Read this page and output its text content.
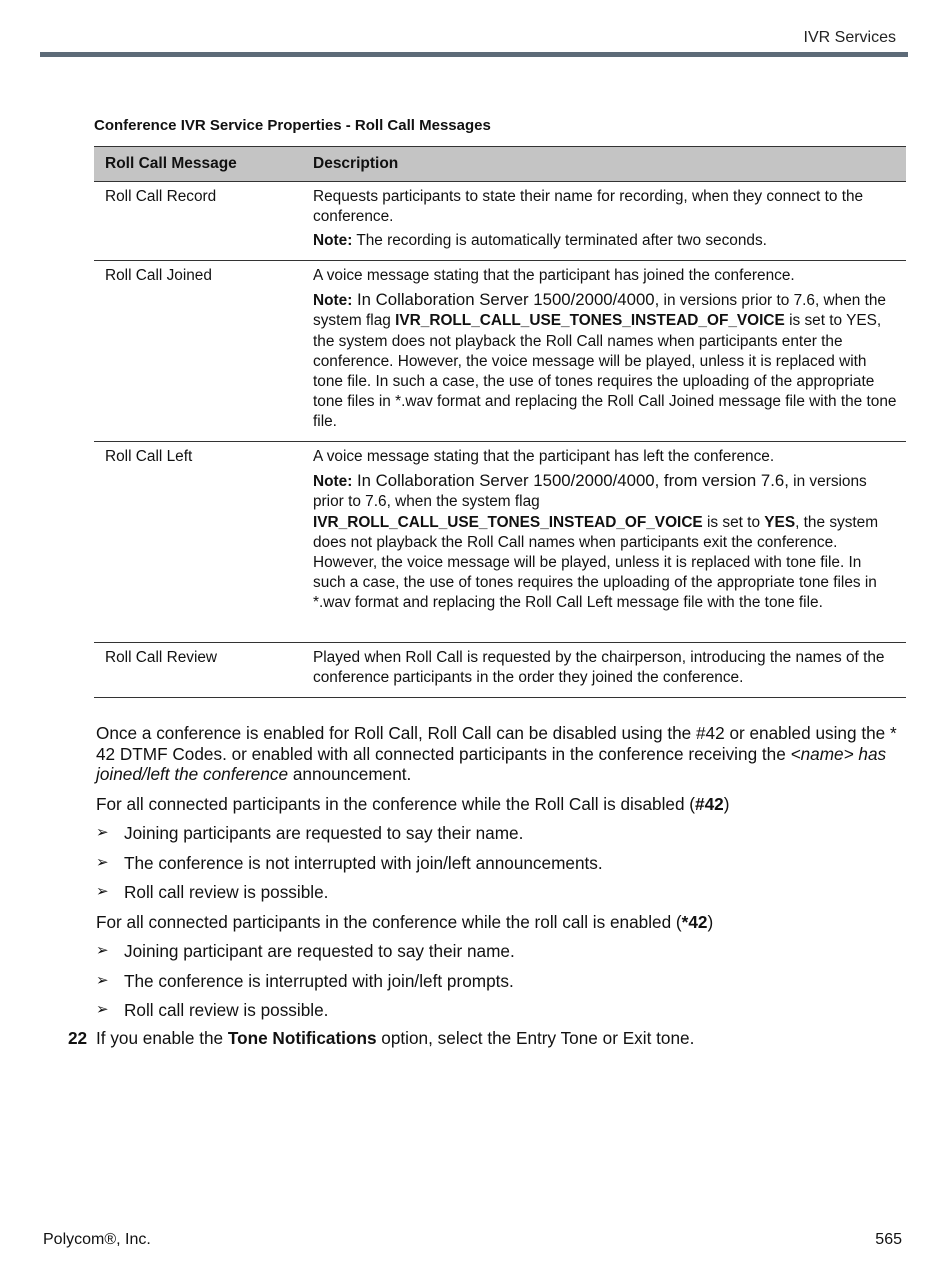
IVR Services
Conference IVR Service Properties - Roll Call Messages
Roll Call Message	Description
Roll Call Record	Requests participants to state their name for recording, when they connect to the conference.

Note: The recording is automatically terminated after two seconds.

Roll Call Joined	A voice message stating that the participant has joined the conference.

Note: In Collaboration Server 1500/2000/4000, in versions prior to 7.6, when the system flag IVR_ROLL_CALL_USE_TONES_INSTEAD_OF_VOICE is set to YES, the system does not playback the Roll Call names when participants enter the conference. However, the voice message will be played, unless it is replaced with tone file. In such a case, the use of tones requires the uploading of the appropriate tone files in *.wav format and replacing the Roll Call Joined message file with the tone file.

Roll Call Left	A voice message stating that the participant has left the conference.

Note: In Collaboration Server 1500/2000/4000, from version 7.6, in versions prior to 7.6, when the system flag IVR_ROLL_CALL_USE_TONES_INSTEAD_OF_VOICE is set to YES, the system does not playback the Roll Call names when participants exit the conference. However, the voice message will be played, unless it is replaced with tone file. In such a case, the use of tones requires the uploading of the appropriate tone files in *.wav format and replacing the Roll Call Left message file with the tone file.

Roll Call Review	Played when Roll Call is requested by the chairperson, introducing the names of the conference participants in the order they joined the conference.

Once a conference is enabled for Roll Call, Roll Call can be disabled using the #42 or enabled using the * 42 DTMF Codes. or enabled with all connected participants in the conference receiving the <name> has joined/left the conference announcement.

For all connected participants in the conference while the Roll Call is disabled (#42)

➢ Joining participants are requested to say their name.
➢ The conference is not interrupted with join/left announcements.
➢ Roll call review is possible.

For all connected participants in the conference while the roll call is enabled (*42)

➢ Joining participant are requested to say their name.
➢ The conference is interrupted with join/left prompts.
➢ Roll call review is possible.
22 If you enable the Tone Notifications option, select the Entry Tone or Exit tone.
Polycom®, Inc.	565
